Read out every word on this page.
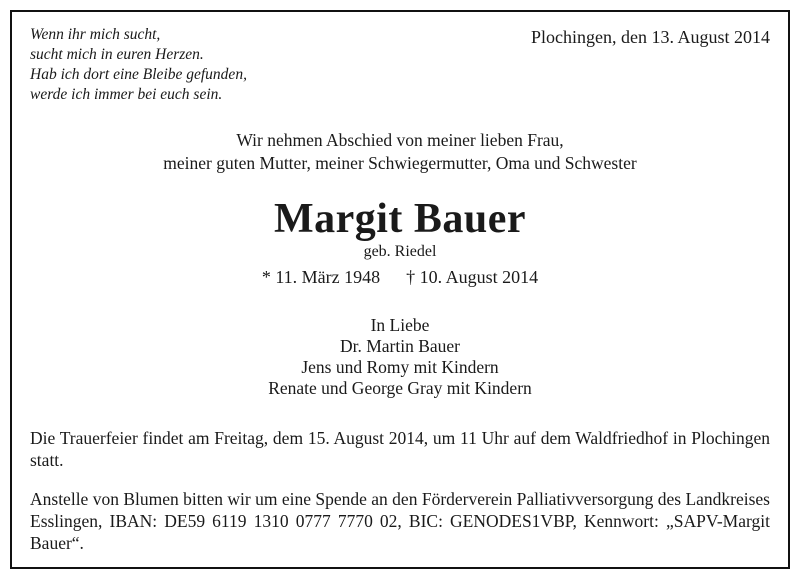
Wenn ihr mich sucht,
sucht mich in euren Herzen.
Hab ich dort eine Bleibe gefunden,
werde ich immer bei euch sein.
Plochingen, den 13. August 2014
Wir nehmen Abschied von meiner lieben Frau,
meiner guten Mutter, meiner Schwiegermutter, Oma und Schwester
Margit Bauer
geb. Riedel
* 11. März 1948 † 10. August 2014
In Liebe
Dr. Martin Bauer
Jens und Romy mit Kindern
Renate und George Gray mit Kindern
Die Trauerfeier findet am Freitag, dem 15. August 2014, um 11 Uhr auf dem Waldfriedhof in Plochingen statt.
Anstelle von Blumen bitten wir um eine Spende an den Förderverein Palliativversorgung des Landkreises Esslingen, IBAN: DE59 6119 1310 0777 7770 02, BIC: GENODES1VBP, Kennwort: „SAPV-Margit Bauer“.
